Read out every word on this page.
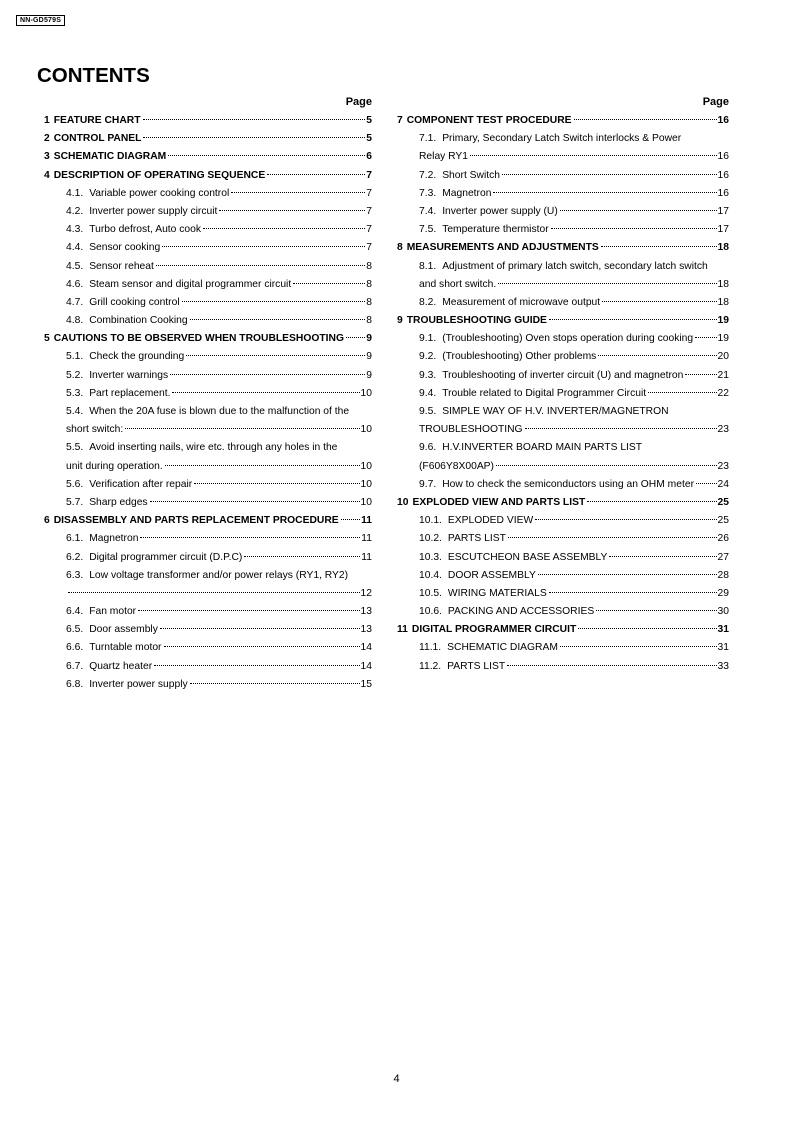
NN-GD579S
CONTENTS
Page
1 FEATURE CHART	5
2 CONTROL PANEL	5
3 SCHEMATIC DIAGRAM	6
4 DESCRIPTION OF OPERATING SEQUENCE	7
4.1. Variable power cooking control	7
4.2. Inverter power supply circuit	7
4.3. Turbo defrost, Auto cook	7
4.4. Sensor cooking	7
4.5. Sensor reheat	8
4.6. Steam sensor and digital programmer circuit	8
4.7. Grill cooking control	8
4.8. Combination Cooking	8
5 CAUTIONS TO BE OBSERVED WHEN TROUBLESHOOTING 9
5.1. Check the grounding	9
5.2. Inverter warnings	9
5.3. Part replacement.	10
5.4. When the 20A fuse is blown due to the malfunction of the
short switch:	10
5.5. Avoid inserting nails, wire etc. through any holes in the
unit during operation.	10
5.6. Verification after repair	10
5.7. Sharp edges	10
6 DISASSEMBLY AND PARTS REPLACEMENT PROCEDURE 11
6.1. Magnetron	11
6.2. Digital programmer circuit (D.P.C)	11
6.3. Low voltage transformer and/or power relays (RY1, RY2)
12
6.4. Fan motor	13
6.5. Door assembly	13
6.6. Turntable motor	14
6.7. Quartz heater	14
6.8. Inverter power supply	15
Page
7 COMPONENT TEST PROCEDURE	16
7.1. Primary, Secondary Latch Switch interlocks & Power
Relay RY1	16
7.2. Short Switch	16
7.3. Magnetron	16
7.4. Inverter power supply (U)	17
7.5. Temperature thermistor	17
8 MEASUREMENTS AND ADJUSTMENTS	18
8.1. Adjustment of primary latch switch, secondary latch switch
and short switch.	18
8.2. Measurement of microwave output	18
9 TROUBLESHOOTING GUIDE	19
9.1. (Troubleshooting) Oven stops operation during cooking 19
9.2. (Troubleshooting) Other problems	20
9.3. Troubleshooting of inverter circuit (U) and magnetron	21
9.4. Trouble related to Digital Programmer Circuit	22
9.5. SIMPLE WAY OF H.V. INVERTER/MAGNETRON
TROUBLESHOOTING	23
9.6. H.V.INVERTER BOARD MAIN PARTS LIST
(F606Y8X00AP)	23
9.7. How to check the semiconductors using an OHM meter 24
10 EXPLODED VIEW AND PARTS LIST	25
10.1. EXPLODED VIEW	25
10.2. PARTS LIST	26
10.3. ESCUTCHEON BASE ASSEMBLY	27
10.4. DOOR ASSEMBLY	28
10.5. WIRING MATERIALS	29
10.6. PACKING AND ACCESSORIES	30
11 DIGITAL PROGRAMMER CIRCUIT	31
11.1. SCHEMATIC DIAGRAM	31
11.2. PARTS LIST	33
4
